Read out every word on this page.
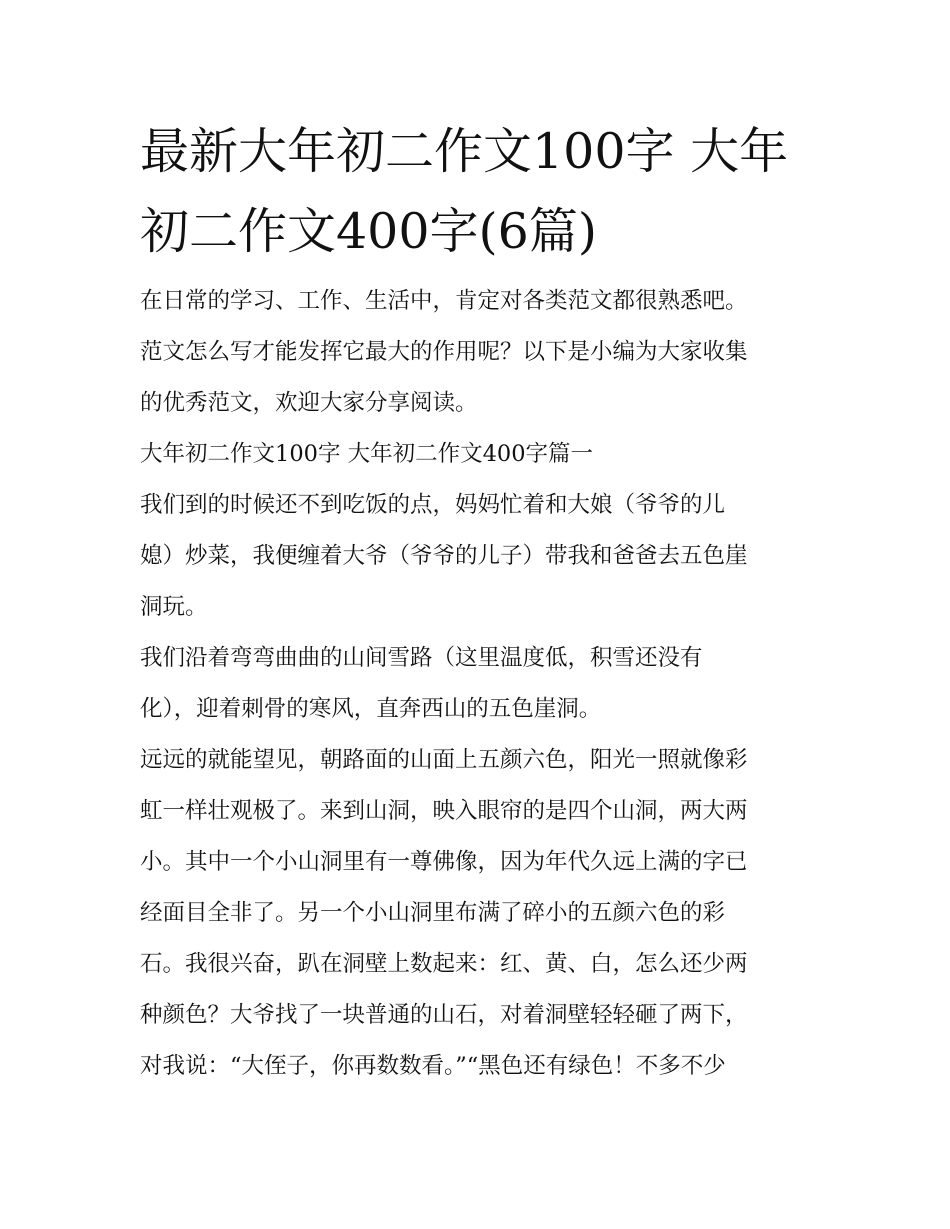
最新大年初二作文100字 大年
初二作文400字(6篇)

在日常的学习、工作、生活中，肯定对各类范文都很熟悉吧。

范文怎么写才能发挥它最大的作用呢？以下是小编为大家收集

的优秀范文，欢迎大家分享阅读。

大年初二作文100字 大年初二作文400字篇一

我们到的时候还不到吃饭的点，妈妈忙着和大娘（爷爷的儿

媳）炒菜，我便缠着大爷（爷爷的儿子）带我和爸爸去五色崖

洞玩。

我们沿着弯弯曲曲的山间雪路（这里温度低，积雪还没有

化），迎着刺骨的寒风，直奔西山的五色崖洞。

远远的就能望见，朝路面的山面上五颜六色，阳光一照就像彩

虹一样壮观极了。来到山洞，映入眼帘的是四个山洞，两大两

小。其中一个小山洞里有一尊佛像，因为年代久远上满的字已

经面目全非了。另一个小山洞里布满了碎小的五颜六色的彩

石。我很兴奋，趴在洞壁上数起来：红、黄、白，怎么还少两

种颜色？大爷找了一块普通的山石，对着洞壁轻轻砸了两下，

对我说：“大侄子，你再数数看。”“黑色还有绿色！不多不少
